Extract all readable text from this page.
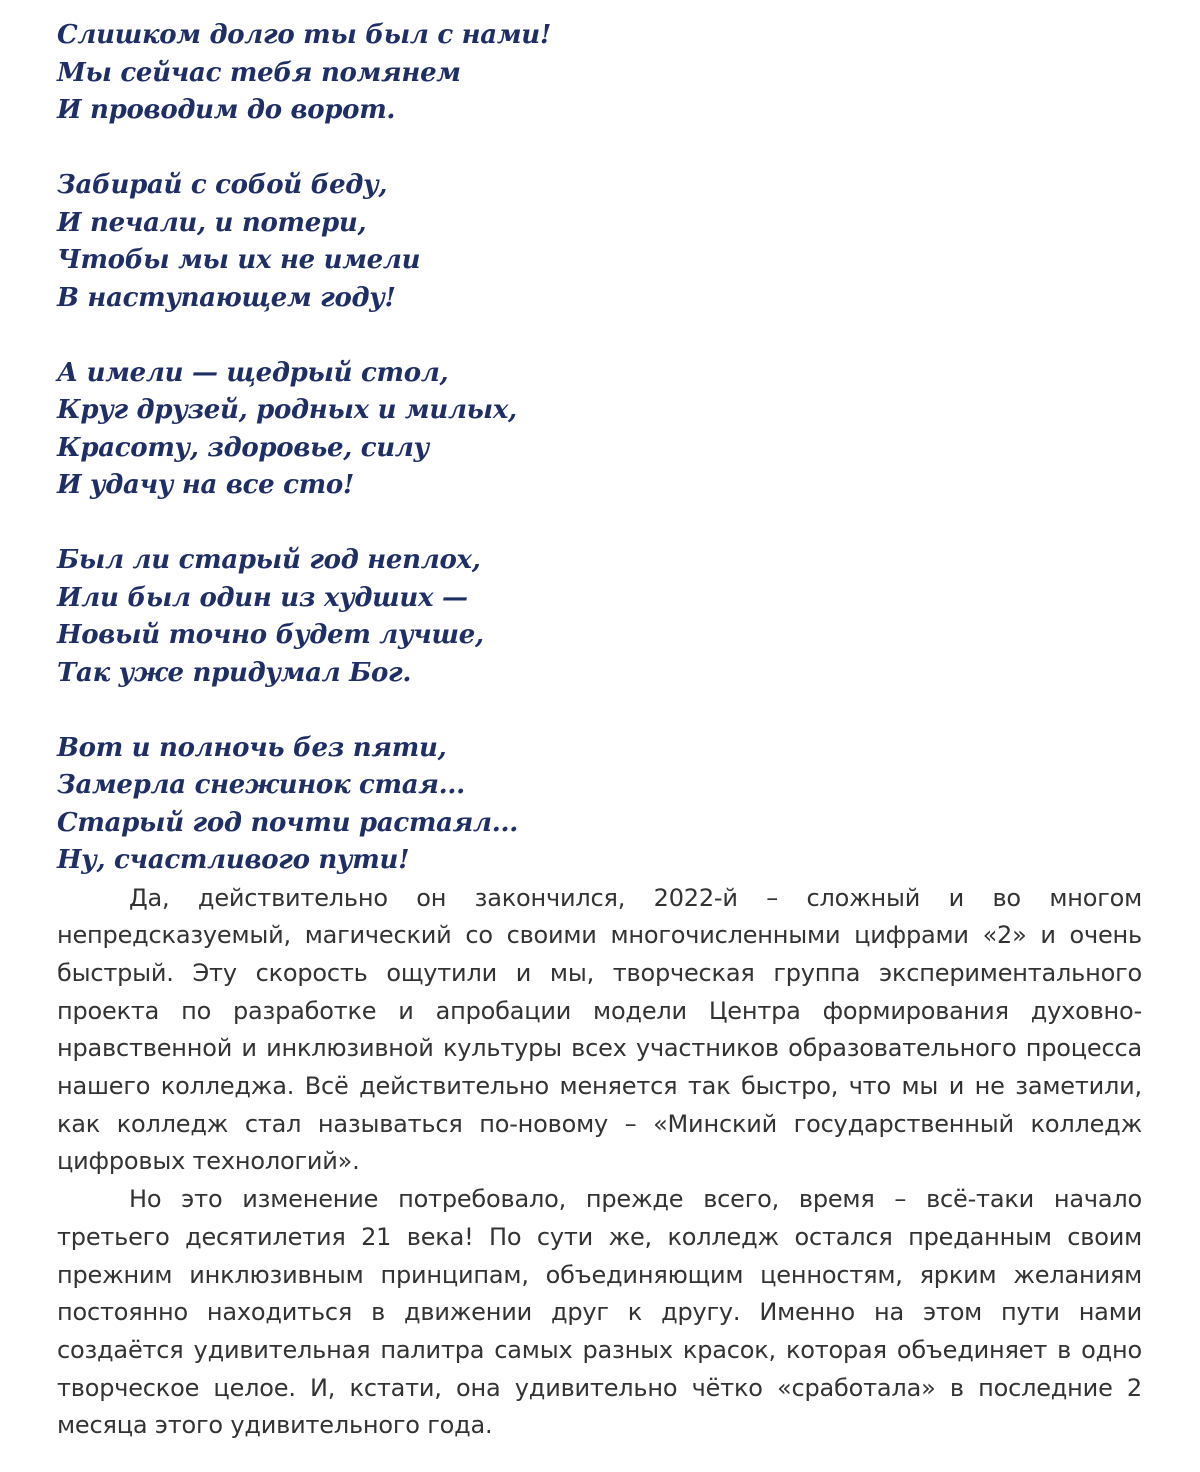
Слишком долго ты был с нами!
Мы сейчас тебя помянем
И проводим до ворот.
Забирай с собой беду,
И печали, и потери,
Чтобы мы их не имели
В наступающем году!
А имели — щедрый стол,
Круг друзей, родных и милых,
Красоту, здоровье, силу
И удачу на все сто!
Был ли старый год неплох,
Или был один из худших —
Новый точно будет лучше,
Так уже придумал Бог.
Вот и полночь без пяти,
Замерла снежинок стая...
Старый год почти растаял...
Ну, счастливого пути!

Да, действительно он закончился, 2022-й – сложный и во многом непредсказуемый, магический со своими многочисленными цифрами «2» и очень быстрый. Эту скорость ощутили и мы, творческая группа экспериментального проекта по разработке и апробации модели Центра формирования духовно-нравственной и инклюзивной культуры всех участников образовательного процесса нашего колледжа. Всё действительно меняется так быстро, что мы и не заметили, как колледж стал называться по-новому – «Минский государственный колледж цифровых технологий».

Но это изменение потребовало, прежде всего, время – всё-таки начало третьего десятилетия 21 века! По сути же, колледж остался преданным своим прежним инклюзивным принципам, объединяющим ценностям, ярким желаниям постоянно находиться в движении друг к другу. Именно на этом пути нами создаётся удивительная палитра самых разных красок, которая объединяет в одно творческое целое. И, кстати, она удивительно чётко «сработала» в последние 2 месяца этого удивительного года.
